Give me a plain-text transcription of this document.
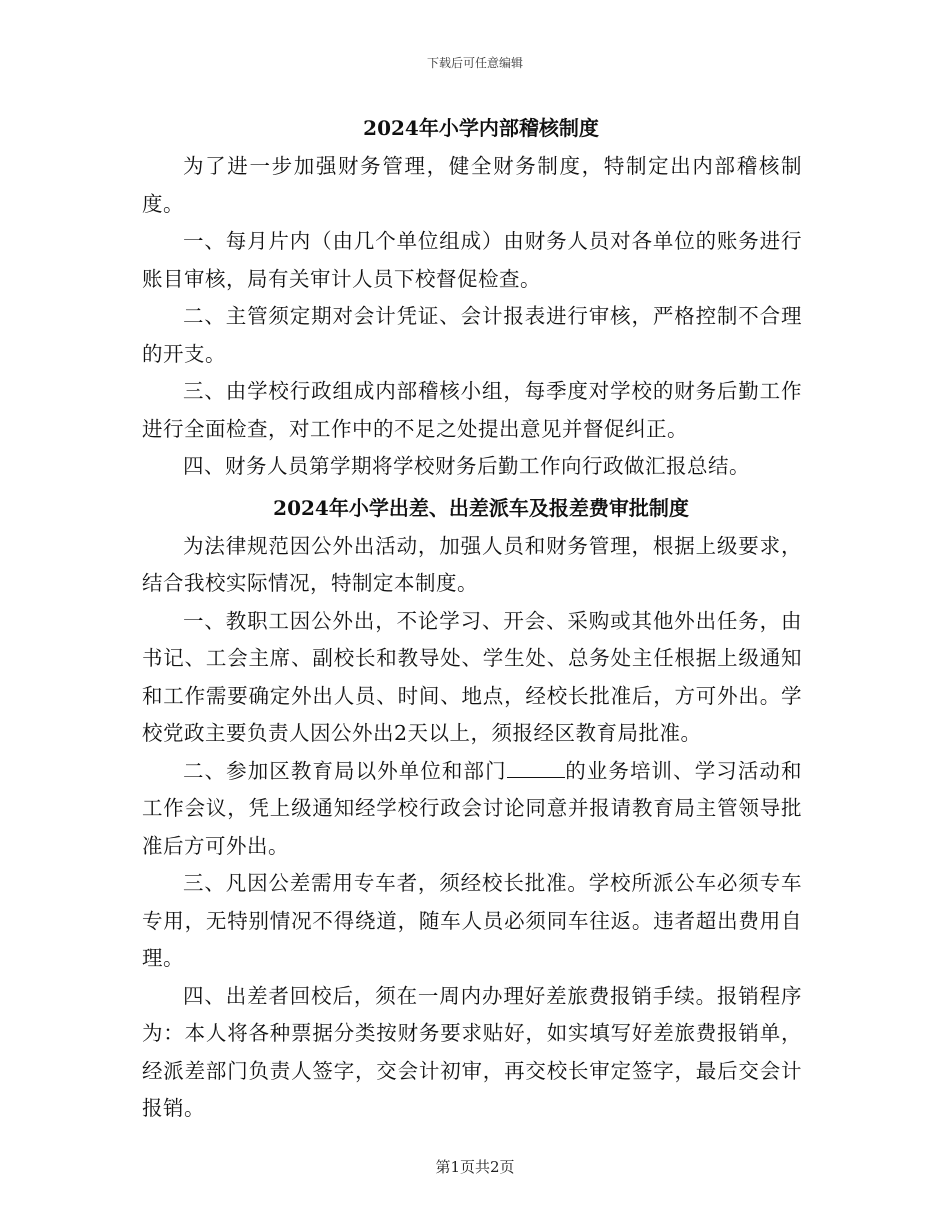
下载后可任意编辑
2024年小学内部稽核制度

为了进一步加强财务管理，健全财务制度，特制定出内部稽核制度。

一、每月片内（由几个单位组成）由财务人员对各单位的账务进行账目审核，局有关审计人员下校督促检查。

二、主管须定期对会计凭证、会计报表进行审核，严格控制不合理的开支。

三、由学校行政组成内部稽核小组，每季度对学校的财务后勤工作进行全面检查，对工作中的不足之处提出意见并督促纠正。

四、财务人员第学期将学校财务后勤工作向行政做汇报总结。

2024年小学出差、出差派车及报差费审批制度

为法律规范因公外出活动，加强人员和财务管理，根据上级要求，结合我校实际情况，特制定本制度。

一、教职工因公外出，不论学习、开会、采购或其他外出任务，由书记、工会主席、副校长和教导处、学生处、总务处主任根据上级通知和工作需要确定外出人员、时间、地点，经校长批准后，方可外出。学校党政主要负责人因公外出2天以上，须报经区教育局批准。

二、参加区教育局以外单位和部门	的业务培训、学习活动和工作会议，凭上级通知经学校行政会讨论同意并报请教育局主管领导批准后方可外出。

三、凡因公差需用专车者，须经校长批准。学校所派公车必须专车专用，无特别情况不得绕道，随车人员必须同车往返。违者超出费用自理。

四、出差者回校后，须在一周内办理好差旅费报销手续。报销程序为：本人将各种票据分类按财务要求贴好，如实填写好差旅费报销单，经派差部门负责人签字，交会计初审，再交校长审定签字，最后交会计报销。

第1页共2页
